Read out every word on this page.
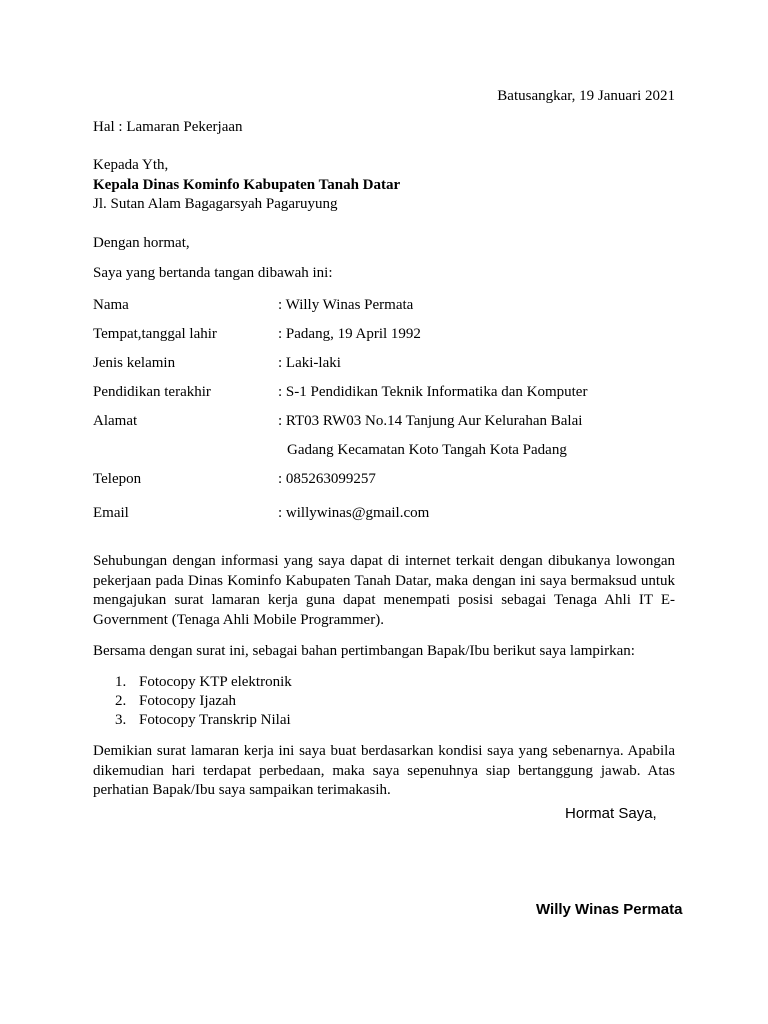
Batusangkar, 19 Januari 2021

Hal : Lamaran Pekerjaan

Kepada Yth,

Kepala Dinas Kominfo Kabupaten Tanah Datar

Jl. Sutan Alam Bagagarsyah Pagaruyung

Dengan hormat,

Saya yang bertanda tangan dibawah ini:

Nama	: Willy Winas Permata

Tempat,tanggal lahir	: Padang, 19 April 1992

Jenis kelamin	: Laki-laki

Pendidikan terakhir	: S-1 Pendidikan Teknik Informatika dan Komputer

Alamat	: RT03 RW03 No.14 Tanjung Aur Kelurahan Balai

Gadang Kecamatan Koto Tangah Kota Padang

Telepon	: 085263099257

Email	: willywinas@gmail.com

Sehubungan dengan informasi yang saya dapat di internet terkait dengan dibukanya lowongan pekerjaan pada Dinas Kominfo Kabupaten Tanah Datar, maka dengan ini saya bermaksud untuk mengajukan surat lamaran kerja guna dapat menempati posisi sebagai Tenaga Ahli IT E-Government (Tenaga Ahli Mobile Programmer).

Bersama dengan surat ini, sebagai bahan pertimbangan Bapak/Ibu berikut saya lampirkan:

1. Fotocopy KTP elektronik

2. Fotocopy Ijazah

3. Fotocopy Transkrip Nilai

Demikian surat lamaran kerja ini saya buat berdasarkan kondisi saya yang sebenarnya. Apabila dikemudian hari terdapat perbedaan, maka saya sepenuhnya siap bertanggung jawab. Atas perhatian Bapak/Ibu saya sampaikan terimakasih.

Hormat Saya,

Willy Winas Permata
